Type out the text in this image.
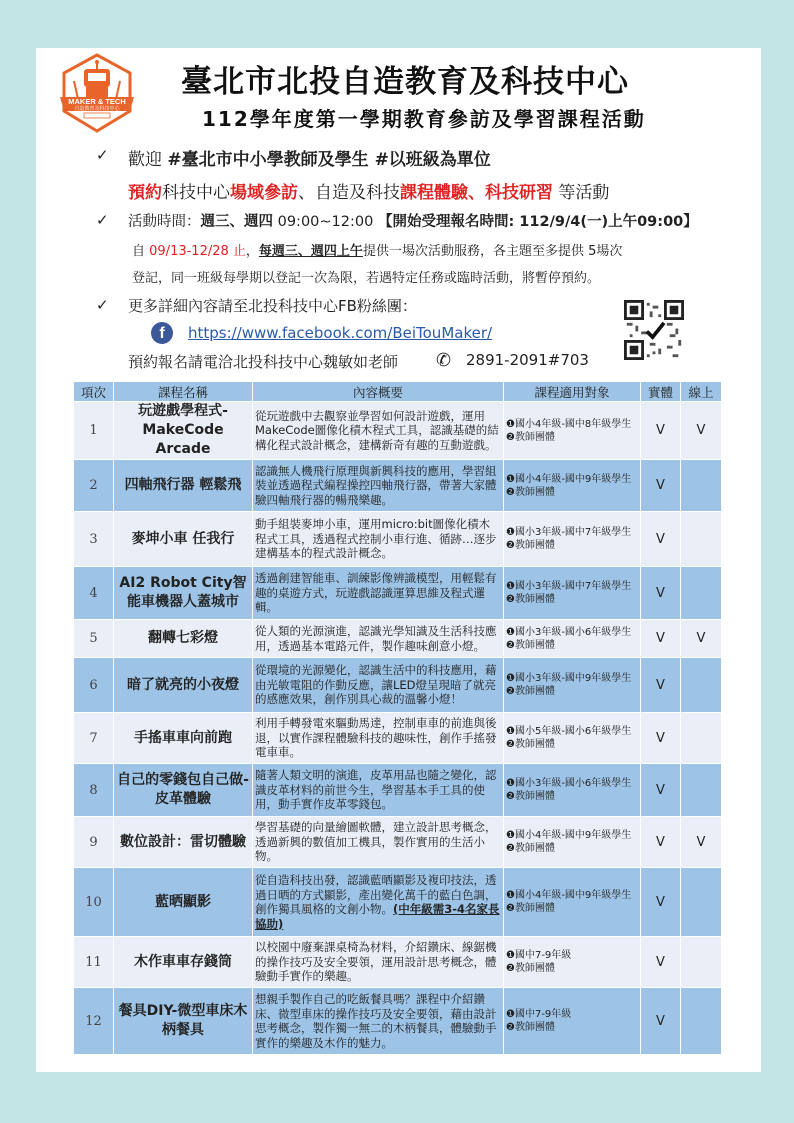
MAKER & TECH
自造教育及科技中心
臺北市北投自造教育及科技中心
112學年度第一學期教育參訪及學習課程活動
✓ 歡迎 #臺北市中小學教師及學生 #以班級為單位
預約科技中心場域參訪、自造及科技課程體驗、科技研習 等活動
✓ 活動時間：週三、週四 09:00~12:00 【開始受理報名時間: 112/9/4(一)上午09:00】
自 09/13-12/28 止，每週三、週四上午提供一場次活動服務，各主題至多提供 5場次
登記，同一班級每學期以登記一次為限，若遇特定任務或臨時活動，將暫停預約。
✓ 更多詳細內容請至北投科技中心FB粉絲團：
f	https://www.facebook.com/BeiTouMaker/
預約報名請電洽北投科技中心魏敏如老師 ✆ 2891-2091#703
項次	課程名稱	內容概要	課程適用對象	實體	線上
1	玩遊戲學程式-MakeCode Arcade	從玩遊戲中去觀察並學習如何設計遊戲，運用MakeCode圖像化積木程式工具，認識基礎的結構化程式設計概念，建構新奇有趣的互動遊戲。	❶國小4年級-國中8年級學生
❷教師團體	V	V
2	四軸飛行器 輕鬆飛	認識無人機飛行原理與新興科技的應用，學習組裝並透過程式編程操控四軸飛行器，帶著大家體驗四軸飛行器的暢飛樂趣。	❶國小4年級-國中9年級學生
❷教師團體	V	
3	麥坤小車 任我行	動手組裝麥坤小車，運用micro:bit圖像化積木程式工具，透過程式控制小車行進、循跡…逐步建構基本的程式設計概念。	❶國小3年級-國中7年級學生
❷教師團體	V	
4	AI2 Robot City智能車機器人蓋城市	透過創建智能車、訓練影像辨識模型，用輕鬆有趣的桌遊方式，玩遊戲認識運算思維及程式邏輯。	❶國小3年級-國中7年級學生
❷教師團體	V	
5	翻轉七彩燈	從人類的光源演進，認識光學知識及生活科技應用，透過基本電路元件，製作趣味創意小燈。	❶國小3年級-國小6年級學生
❷教師團體	V	V
6	暗了就亮的小夜燈	從環境的光源變化，認識生活中的科技應用，藉由光敏電阻的作動反應，讓LED燈呈現暗了就亮的感應效果，創作別具心裁的溫馨小燈！	❶國小3年級-國中9年級學生
❷教師團體	V	
7	手搖車車向前跑	利用手轉發電來驅動馬達，控制車車的前進與後退，以實作課程體驗科技的趣味性，創作手搖發電車車。	❶國小5年級-國小6年級學生
❷教師團體	V	
8	自己的零錢包自己做-皮革體驗	隨著人類文明的演進，皮革用品也隨之變化，認識皮革材料的前世今生，學習基本手工具的使用，動手實作皮革零錢包。	❶國小3年級-國小6年級學生
❷教師團體	V	
9	數位設計：雷切體驗	學習基礎的向量繪圖軟體，建立設計思考概念，透過新興的數值加工機具，製作實用的生活小物。	❶國小4年級-國中9年級學生
❷教師團體	V	V
10	藍晒顯影	從自造科技出發，認識藍晒顯影及複印技法，透過日晒的方式顯影，產出變化萬千的藍白色調，創作獨具風格的文創小物。(中年級需3-4名家長協助)	❶國小4年級-國中9年級學生
❷教師團體	V	
11	木作車車存錢筒	以校園中廢棄課桌椅為材料，介紹鑽床、線鋸機的操作技巧及安全要領，運用設計思考概念，體驗動手實作的樂趣。	❶國中7-9年級
❷教師團體	V	
12	餐具DIY-微型車床木柄餐具	想親手製作自己的吃飯餐具嗎？課程中介紹鑽床、微型車床的操作技巧及安全要領，藉由設計思考概念，製作獨一無二的木柄餐具，體驗動手實作的樂趣及木作的魅力。	❶國中7-9年級
❷教師團體	V	
